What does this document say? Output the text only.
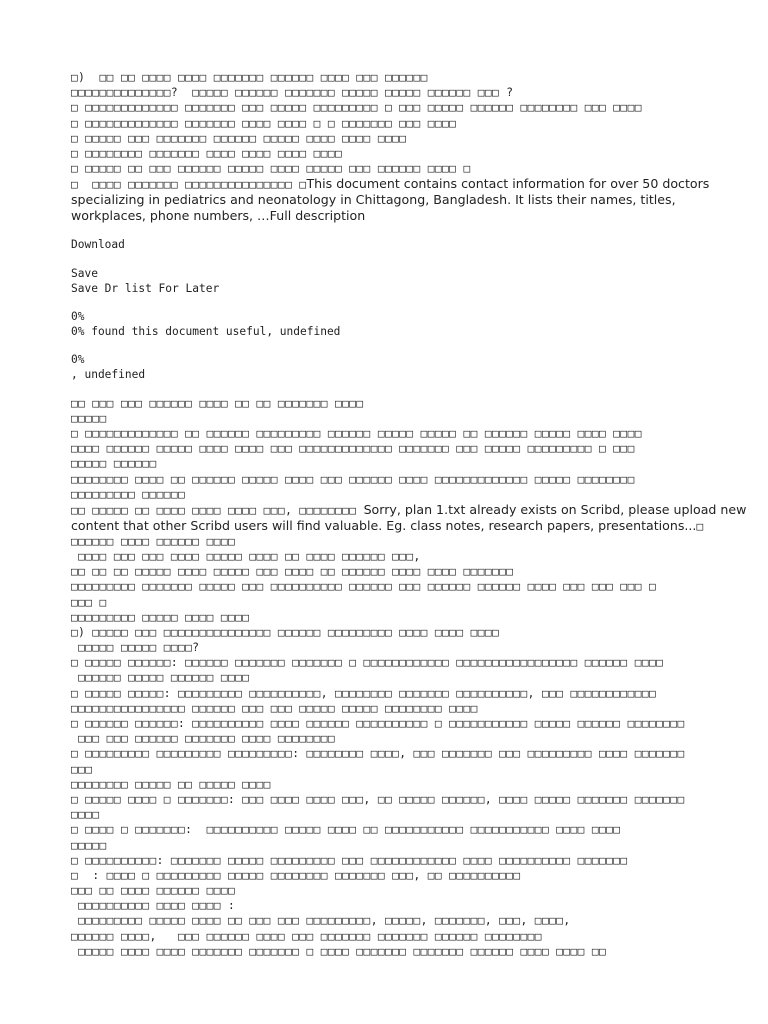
□)  □□ □□ □□□□ □□□□ □□□□□□□ □□□□□□ □□□□ □□□ □□□□□□
□□□□□□□□□□□□□□?  □□□□□ □□□□□□ □□□□□□□ □□□□□ □□□□□ □□□□□□ □□□ ?
□ □□□□□□□□□□□□□ □□□□□□□ □□□ □□□□□ □□□□□□□□□ □ □□□ □□□□□ □□□□□□ □□□□□□□□ □□□ □□□□
□ □□□□□□□□□□□□□ □□□□□□□ □□□□ □□□□ □ □ □□□□□□□ □□□ □□□□
□ □□□□□ □□□ □□□□□□□ □□□□□□ □□□□□ □□□□ □□□□ □□□□
□ □□□□□□□□ □□□□□□□ □□□□ □□□□ □□□□ □□□□
□ □□□□□ □□ □□□ □□□□□□ □□□□□ □□□□ □□□□□ □□□ □□□□□□ □□□□ □

□  □□□□ □□□□□□□ □□□□□□□□□□□□□□□ □This document contains contact information for over 50 doctors specializing in pediatrics and neonatology in Chittagong, Bangladesh. It lists their names, titles, workplaces, phone numbers, …Full description

Download
Save
Save Dr list For Later
0%
0% found this document useful, undefined
0%
, undefined
□□ □□□ □□□ □□□□□□ □□□□ □□ □□ □□□□□□□ □□□□
□□□□□
□ □□□□□□□□□□□□□ □□ □□□□□□ □□□□□□□□□ □□□□□□ □□□□□ □□□□□ □□ □□□□□□ □□□□□ □□□□ □□□□
□□□□ □□□□□□ □□□□□ □□□□ □□□□ □□□ □□□□□□□□□□□□□ □□□□□□□ □□□ □□□□□ □□□□□□□□□ □ □□□
□□□□□ □□□□□□
□□□□□□□□ □□□□ □□ □□□□□□ □□□□□ □□□□ □□□ □□□□□□ □□□□ □□□□□□□□□□□□□ □□□□□ □□□□□□□□
□□□□□□□□□ □□□□□□

□□ □□□□□ □□ □□□□ □□□□ □□□□ □□□, □□□□□□□□ Sorry, plan 1.txt already exists on Scribd, please upload new content that other Scribd users will find valuable. Eg. class notes, research papers, presentations...□ □□□□□□ □□□□ □□□□□□ □□□□

□□□□ □□□ □□□ □□□□ □□□□□ □□□□ □□ □□□□ □□□□□□ □□□,
□□ □□ □□ □□□□□ □□□□ □□□□□ □□□ □□□□ □□ □□□□□□ □□□□ □□□□ □□□□□□□
□□□□□□□□□ □□□□□□□ □□□□□ □□□ □□□□□□□□□□ □□□□□□ □□□ □□□□□□ □□□□□□ □□□□ □□□ □□□ □□□ □
□□□ □
□□□□□□□□□ □□□□□ □□□□ □□□□
□) □□□□□ □□□ □□□□□□□□□□□□□□□ □□□□□□ □□□□□□□□□ □□□□ □□□□ □□□□
□□□□□ □□□□□ □□□□?
□ □□□□□ □□□□□□: □□□□□□ □□□□□□□ □□□□□□□ □ □□□□□□□□□□□□ □□□□□□□□□□□□□□□□□ □□□□□□ □□□□
□□□□□□ □□□□□ □□□□□□ □□□□
□ □□□□□ □□□□□: □□□□□□□□□ □□□□□□□□□□, □□□□□□□□ □□□□□□□ □□□□□□□□□□, □□□ □□□□□□□□□□□□
□□□□□□□□□□□□□□□□ □□□□□□ □□□ □□□ □□□□□ □□□□□ □□□□□□□□ □□□□
□ □□□□□□ □□□□□□: □□□□□□□□□□ □□□□ □□□□□□ □□□□□□□□□□ □ □□□□□□□□□□□ □□□□□ □□□□□□ □□□□□□□□
□□□ □□□ □□□□□□ □□□□□□□ □□□□ □□□□□□□□
□ □□□□□□□□□ □□□□□□□□□ □□□□□□□□□: □□□□□□□□ □□□□, □□□ □□□□□□□ □□□ □□□□□□□□□ □□□□ □□□□□□□
□□□
□□□□□□□□ □□□□□ □□ □□□□□ □□□□
□ □□□□□ □□□□ □ □□□□□□□: □□□ □□□□ □□□□ □□□, □□ □□□□□ □□□□□□, □□□□ □□□□□ □□□□□□□ □□□□□□□
□□□□
□ □□□□ □ □□□□□□□:  □□□□□□□□□□ □□□□□ □□□□ □□ □□□□□□□□□□□ □□□□□□□□□□□ □□□□ □□□□
□□□□□
□ □□□□□□□□□□: □□□□□□□ □□□□□ □□□□□□□□□ □□□ □□□□□□□□□□□□ □□□□ □□□□□□□□□□ □□□□□□□
□  : □□□□ □ □□□□□□□□□ □□□□□ □□□□□□□□ □□□□□□□ □□□, □□ □□□□□□□□□□
□□□ □□ □□□□ □□□□□□ □□□□
□□□□□□□□□□ □□□□ □□□□ :
□□□□□□□□□ □□□□□ □□□□ □□ □□□ □□□ □□□□□□□□□, □□□□□, □□□□□□□, □□□, □□□□,
□□□□□□ □□□□,   □□□ □□□□□□ □□□□ □□□ □□□□□□□ □□□□□□□ □□□□□□ □□□□□□□□
□□□□□ □□□□ □□□□ □□□□□□□ □□□□□□□ □ □□□□ □□□□□□□ □□□□□□□ □□□□□□ □□□□ □□□□ □□
